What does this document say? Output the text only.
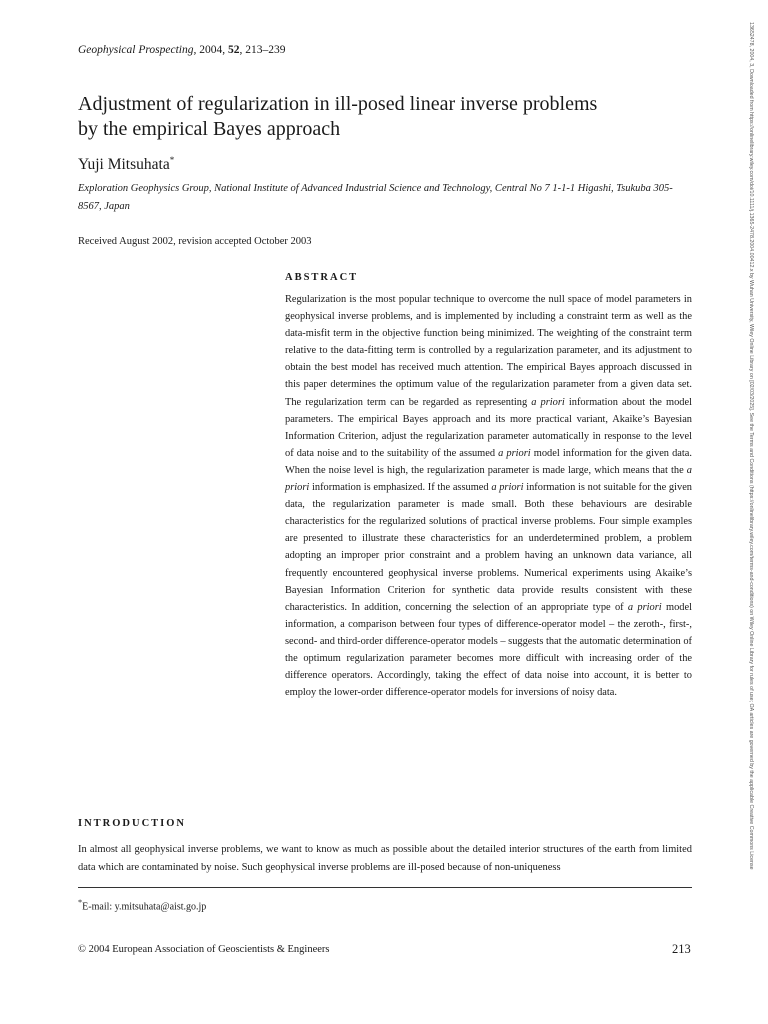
Geophysical Prospecting, 2004, 52, 213–239
Adjustment of regularization in ill-posed linear inverse problems
by the empirical Bayes approach
Yuji Mitsuhata*
Exploration Geophysics Group, National Institute of Advanced Industrial Science and Technology, Central No 7 1-1-1 Higashi, Tsukuba 305-8567, Japan
Received August 2002, revision accepted October 2003
ABSTRACT
Regularization is the most popular technique to overcome the null space of model parameters in geophysical inverse problems, and is implemented by including a constraint term as well as the data-misfit term in the objective function being minimized. The weighting of the constraint term relative to the data-fitting term is controlled by a regularization parameter, and its adjustment to obtain the best model has received much attention. The empirical Bayes approach discussed in this paper determines the optimum value of the regularization parameter from a given data set. The regularization term can be regarded as representing a priori information about the model parameters. The empirical Bayes approach and its more practical variant, Akaike’s Bayesian Information Criterion, adjust the regularization parameter automatically in response to the level of data noise and to the suitability of the assumed a priori model information for the given data. When the noise level is high, the regularization parameter is made large, which means that the a priori information is emphasized. If the assumed a priori information is not suitable for the given data, the regularization parameter is made small. Both these behaviours are desirable characteristics for the regularized solutions of practical inverse problems. Four simple examples are presented to illustrate these characteristics for an underdetermined problem, a problem adopting an improper prior constraint and a problem having an unknown data variance, all frequently encountered geophysical inverse problems. Numerical experiments using Akaike’s Bayesian Information Criterion for synthetic data provide results consistent with these characteristics. In addition, concerning the selection of an appropriate type of a priori model information, a comparison between four types of difference-operator model – the zeroth-, first-, second- and third-order difference-operator models – suggests that the automatic determination of the optimum regularization parameter becomes more difficult with increasing order of the difference operators. Accordingly, taking the effect of data noise into account, it is better to employ the lower-order difference-operator models for inversions of noisy data.
INTRODUCTION
In almost all geophysical inverse problems, we want to know as much as possible about the detailed interior structures of the earth from limited data which are contaminated by noise. Such geophysical inverse problems are ill-posed because of non-uniqueness
*E-mail: y.mitsuhata@aist.go.jp
© 2004 European Association of Geoscientists & Engineers	213
13652478, 2004, 3, Downloaded from https://onlinelibrary.wiley.com/doi/10.1111/j.1365-2478.2004.00412.x by Wuhan University, Wiley Online Library on [02/03/2025]. See the Terms and Conditions (https://onlinelibrary.wiley.com/terms-and-conditions) on Wiley Online Library for rules of use; OA articles are governed by the applicable Creative Commons License
